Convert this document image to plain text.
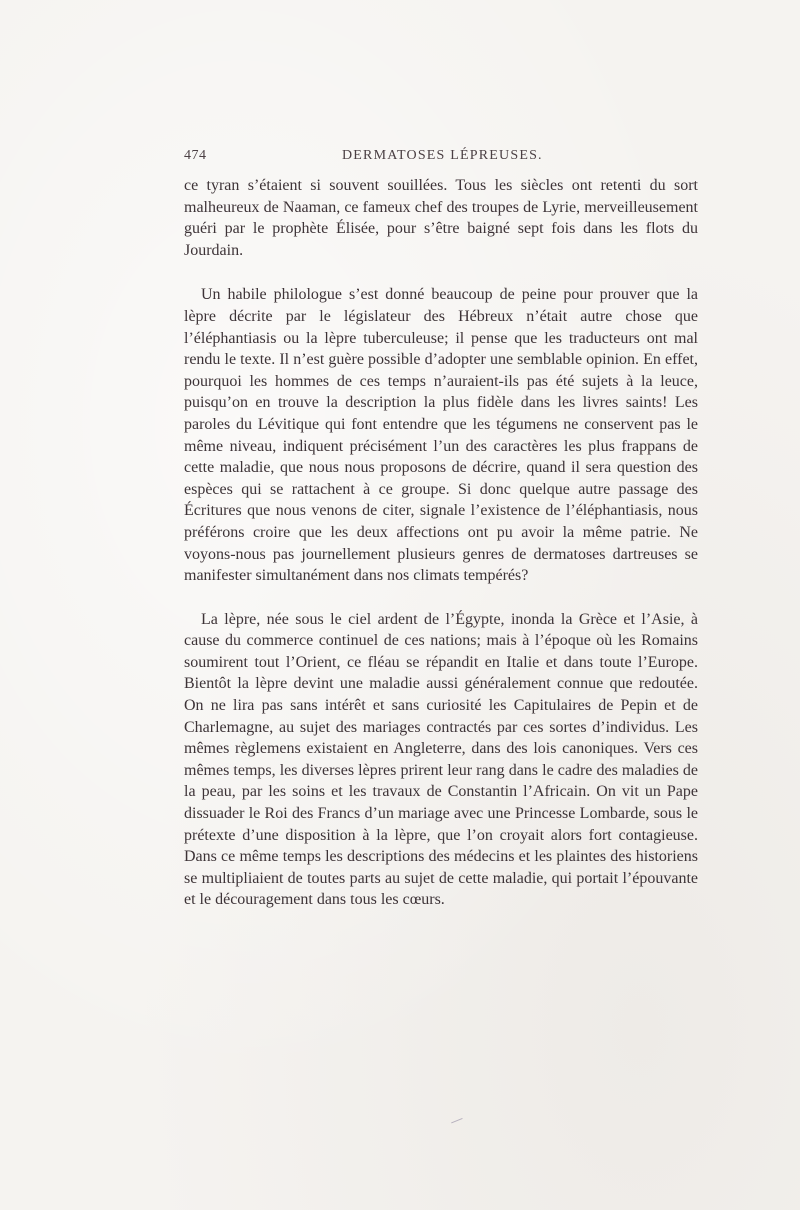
474	DERMATOSES LÉPREUSES.

ce tyran s’étaient si souvent souillées. Tous les siècles ont retenti du sort malheureux de Naaman, ce fameux chef des troupes de Lyrie, merveilleusement guéri par le prophète Élisée, pour s’être baigné sept fois dans les flots du Jourdain.

Un habile philologue s’est donné beaucoup de peine pour prouver que la lèpre décrite par le législateur des Hébreux n’était autre chose que l’éléphantiasis ou la lèpre tuberculeuse; il pense que les traducteurs ont mal rendu le texte. Il n’est guère possible d’adopter une semblable opinion. En effet, pourquoi les hommes de ces temps n’auraient-ils pas été sujets à la leuce, puisqu’on en trouve la description la plus fidèle dans les livres saints! Les paroles du Lévitique qui font entendre que les tégumens ne conservent pas le même niveau, indiquent précisément l’un des caractères les plus frappans de cette maladie, que nous nous proposons de décrire, quand il sera question des espèces qui se rattachent à ce groupe. Si donc quelque autre passage des Écritures que nous venons de citer, signale l’existence de l’éléphantiasis, nous préférons croire que les deux affections ont pu avoir la même patrie. Ne voyons-nous pas journellement plusieurs genres de dermatoses dartreuses se manifester simultanément dans nos climats tempérés?

La lèpre, née sous le ciel ardent de l’Égypte, inonda la Grèce et l’Asie, à cause du commerce continuel de ces nations; mais à l’époque où les Romains soumirent tout l’Orient, ce fléau se répandit en Italie et dans toute l’Europe. Bientôt la lèpre devint une maladie aussi généralement connue que redoutée. On ne lira pas sans intérêt et sans curiosité les Capitulaires de Pepin et de Charlemagne, au sujet des mariages contractés par ces sortes d’individus. Les mêmes règlemens existaient en Angleterre, dans des lois canoniques. Vers ces mêmes temps, les diverses lèpres prirent leur rang dans le cadre des maladies de la peau, par les soins et les travaux de Constantin l’Africain. On vit un Pape dissuader le Roi des Francs d’un mariage avec une Princesse Lombarde, sous le prétexte d’une disposition à la lèpre, que l’on croyait alors fort contagieuse. Dans ce même temps les descriptions des médecins et les plaintes des historiens se multipliaient de toutes parts au sujet de cette maladie, qui portait l’épouvante et le découragement dans tous les cœurs.
